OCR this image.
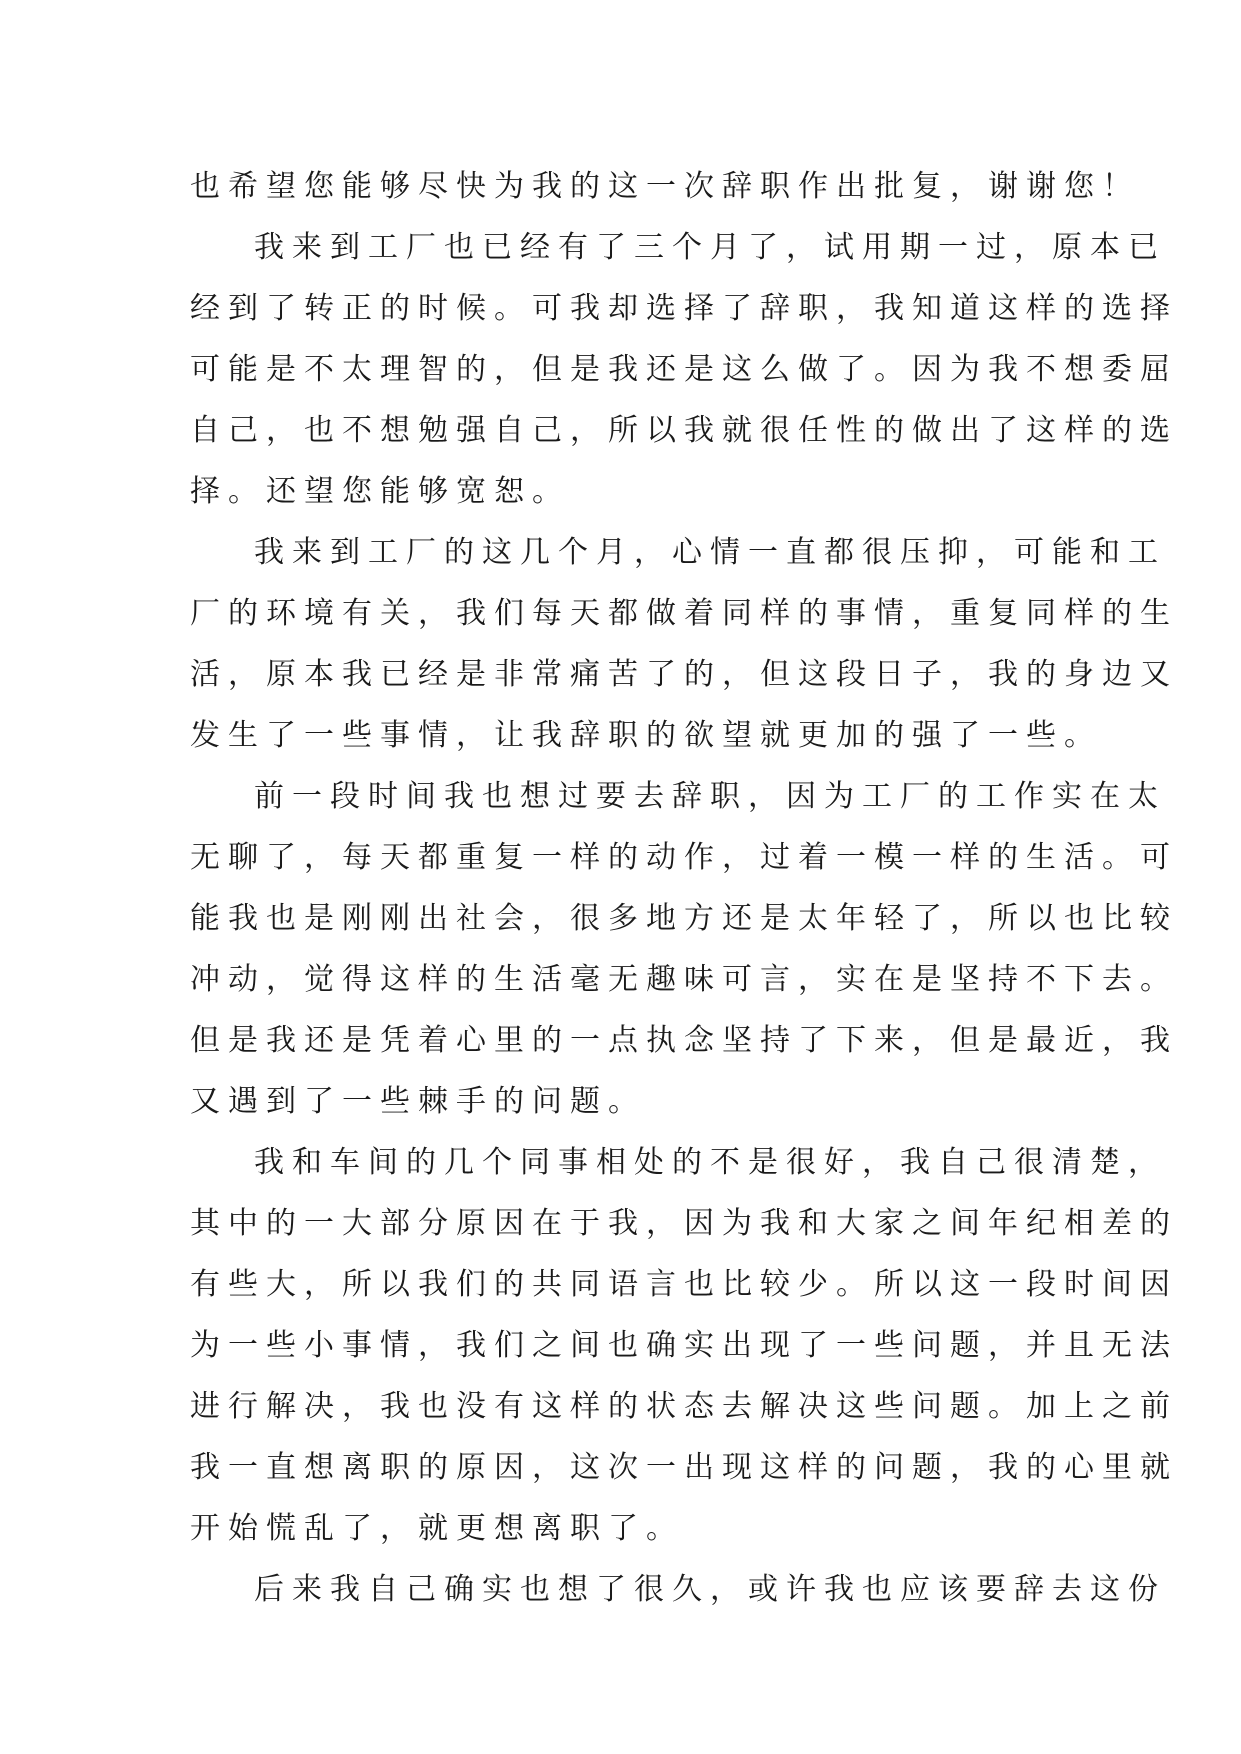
也希望您能够尽快为我的这一次辞职作出批复，谢谢您！
我来到工厂也已经有了三个月了，试用期一过，原本已
经到了转正的时候。可我却选择了辞职，我知道这样的选择
可能是不太理智的，但是我还是这么做了。因为我不想委屈
自己，也不想勉强自己，所以我就很任性的做出了这样的选
择。还望您能够宽恕。
我来到工厂的这几个月，心情一直都很压抑，可能和工
厂的环境有关，我们每天都做着同样的事情，重复同样的生
活，原本我已经是非常痛苦了的，但这段日子，我的身边又
发生了一些事情，让我辞职的欲望就更加的强了一些。
前一段时间我也想过要去辞职，因为工厂的工作实在太
无聊了，每天都重复一样的动作，过着一模一样的生活。可
能我也是刚刚出社会，很多地方还是太年轻了，所以也比较
冲动，觉得这样的生活毫无趣味可言，实在是坚持不下去。
但是我还是凭着心里的一点执念坚持了下来，但是最近，我
又遇到了一些棘手的问题。
我和车间的几个同事相处的不是很好，我自己很清楚，
其中的一大部分原因在于我，因为我和大家之间年纪相差的
有些大，所以我们的共同语言也比较少。所以这一段时间因
为一些小事情，我们之间也确实出现了一些问题，并且无法
进行解决，我也没有这样的状态去解决这些问题。加上之前
我一直想离职的原因，这次一出现这样的问题，我的心里就
开始慌乱了，就更想离职了。
后来我自己确实也想了很久，或许我也应该要辞去这份
